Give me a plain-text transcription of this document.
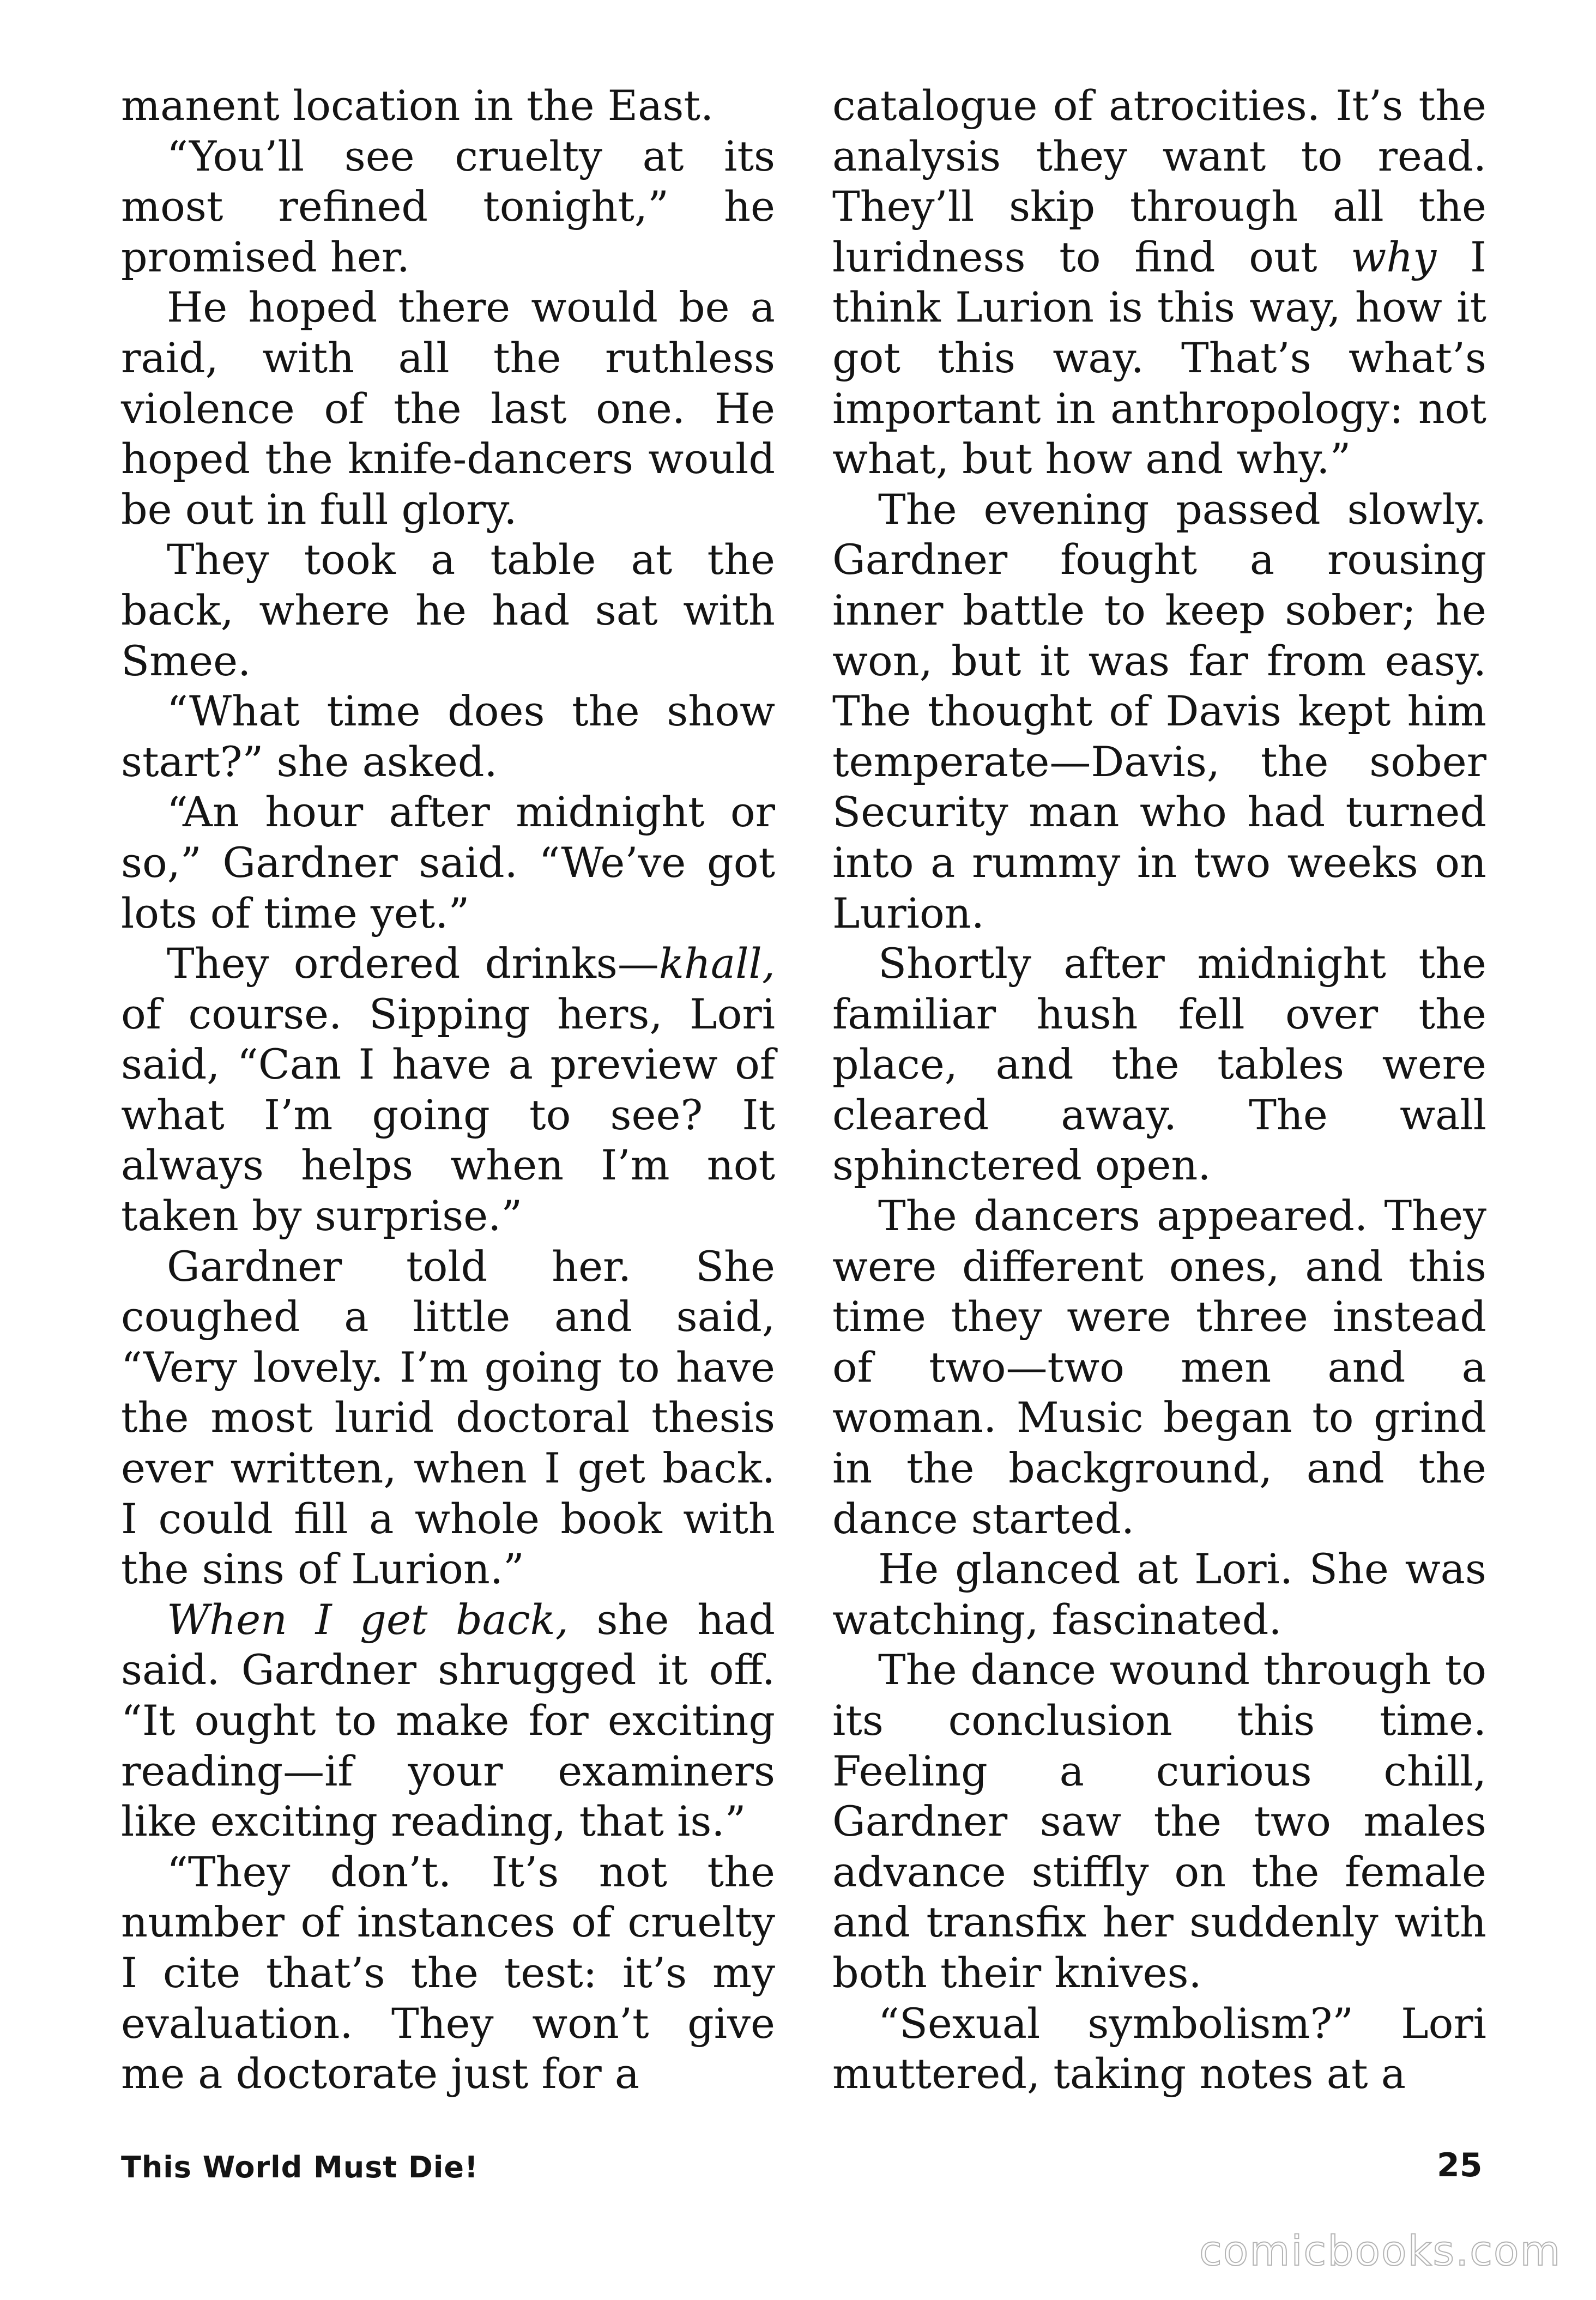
manent location in the East.

“You’ll see cruelty at its most refined tonight,” he promised her.

He hoped there would be a raid, with all the ruthless violence of the last one. He hoped the knife-dancers would be out in full glory.

They took a table at the back, where he had sat with Smee.

“What time does the show start?” she asked.

“An hour after midnight or so,” Gardner said. “We’ve got lots of time yet.”

They ordered drinks—khall, of course. Sipping hers, Lori said, “Can I have a preview of what I’m going to see? It always helps when I’m not taken by surprise.”

Gardner told her. She coughed a little and said, “Very lovely. I’m going to have the most lurid doctoral thesis ever written, when I get back. I could fill a whole book with the sins of Lurion.”

When I get back, she had said. Gardner shrugged it off. “It ought to make for exciting reading—if your examiners like exciting reading, that is.”

“They don’t. It’s not the number of instances of cruelty I cite that’s the test: it’s my evaluation. They won’t give me a doctorate just for a

catalogue of atrocities. It’s the analysis they want to read. They’ll skip through all the luridness to find out why I think Lurion is this way, how it got this way. That’s what’s important in anthropology: not what, but how and why.”

The evening passed slowly. Gardner fought a rousing inner battle to keep sober; he won, but it was far from easy. The thought of Davis kept him temperate—Davis, the sober Security man who had turned into a rummy in two weeks on Lurion.

Shortly after midnight the familiar hush fell over the place, and the tables were cleared away. The wall sphinctered open.

The dancers appeared. They were different ones, and this time they were three instead of two—two men and a woman. Music began to grind in the background, and the dance started.

He glanced at Lori. She was watching, fascinated.

The dance wound through to its conclusion this time. Feeling a curious chill, Gardner saw the two males advance stiffly on the female and transfix her suddenly with both their knives.

“Sexual symbolism?” Lori muttered, taking notes at a

This World Must Die!	25
comicbooks.com
